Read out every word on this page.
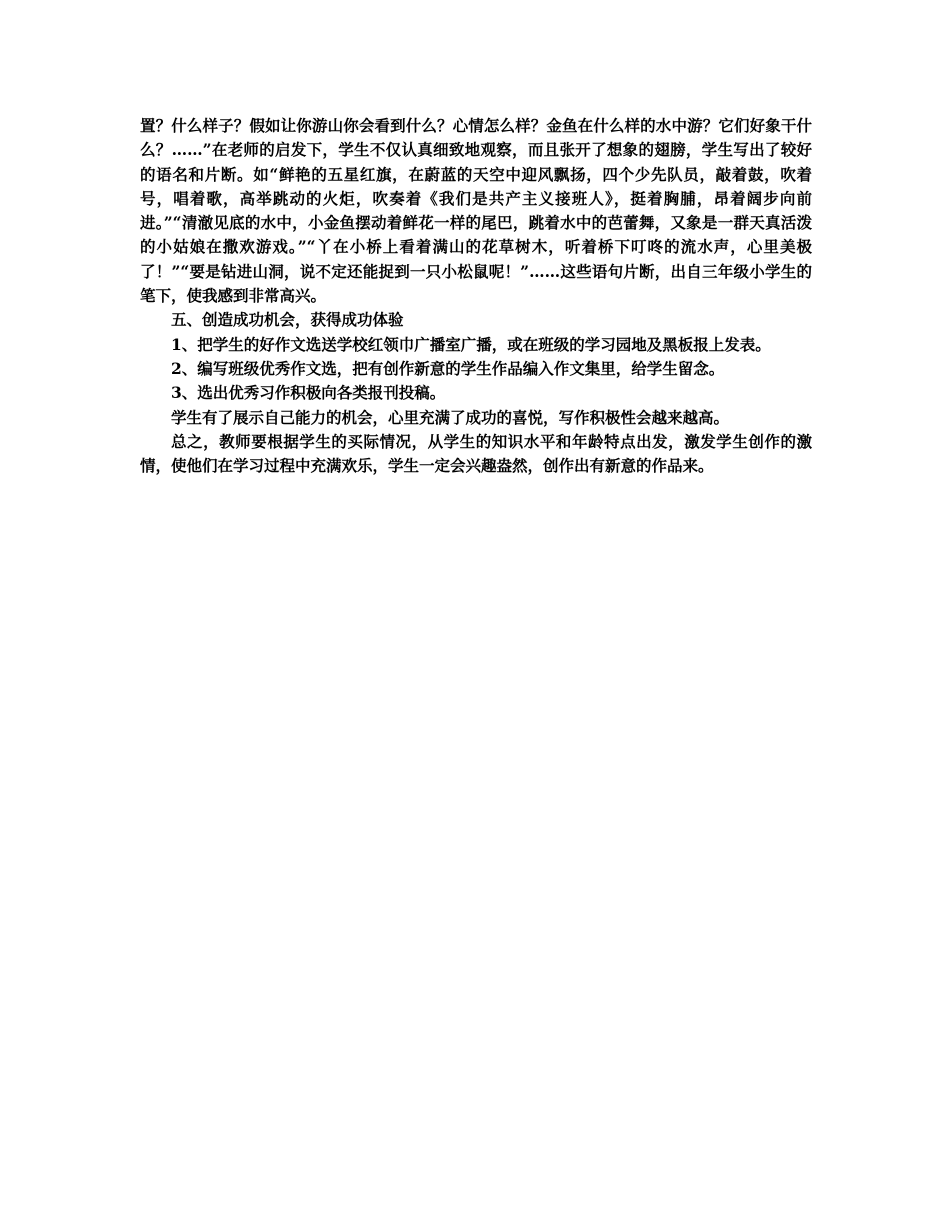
置？什么样子？假如让你游山你会看到什么？心情怎么样？金鱼在什么样的水中游？它们好象干什么？……”在老师的启发下，学生不仅认真细致地观察，而且张开了想象的翅膀，学生写出了较好的语名和片断。如“鲜艳的五星红旗，在蔚蓝的天空中迎风飘扬，四个少先队员，敲着鼓，吹着号，唱着歌，高举跳动的火炬，吹奏着《我们是共产主义接班人》，挺着胸脯，昂着阔步向前进。”“清澈见底的水中，小金鱼摆动着鲜花一样的尾巴，跳着水中的芭蕾舞，又象是一群天真活泼的小姑娘在撒欢游戏。”“丫在小桥上看着满山的花草树木，听着桥下叮咚的流水声，心里美极了！”“要是钻进山洞，说不定还能捉到一只小松鼠呢！”……这些语句片断，出自三年级小学生的笔下，使我感到非常高兴。

五、创造成功机会，获得成功体验

1、把学生的好作文选送学校红领巾广播室广播，或在班级的学习园地及黑板报上发表。

2、编写班级优秀作文选，把有创作新意的学生作品编入作文集里，给学生留念。

3、选出优秀习作积极向各类报刊投稿。

学生有了展示自己能力的机会，心里充满了成功的喜悦，写作积极性会越来越高。

总之，教师要根据学生的买际情况，从学生的知识水平和年龄特点出发，激发学生创作的激情，使他们在学习过程中充满欢乐，学生一定会兴趣盎然，创作出有新意的作品来。
